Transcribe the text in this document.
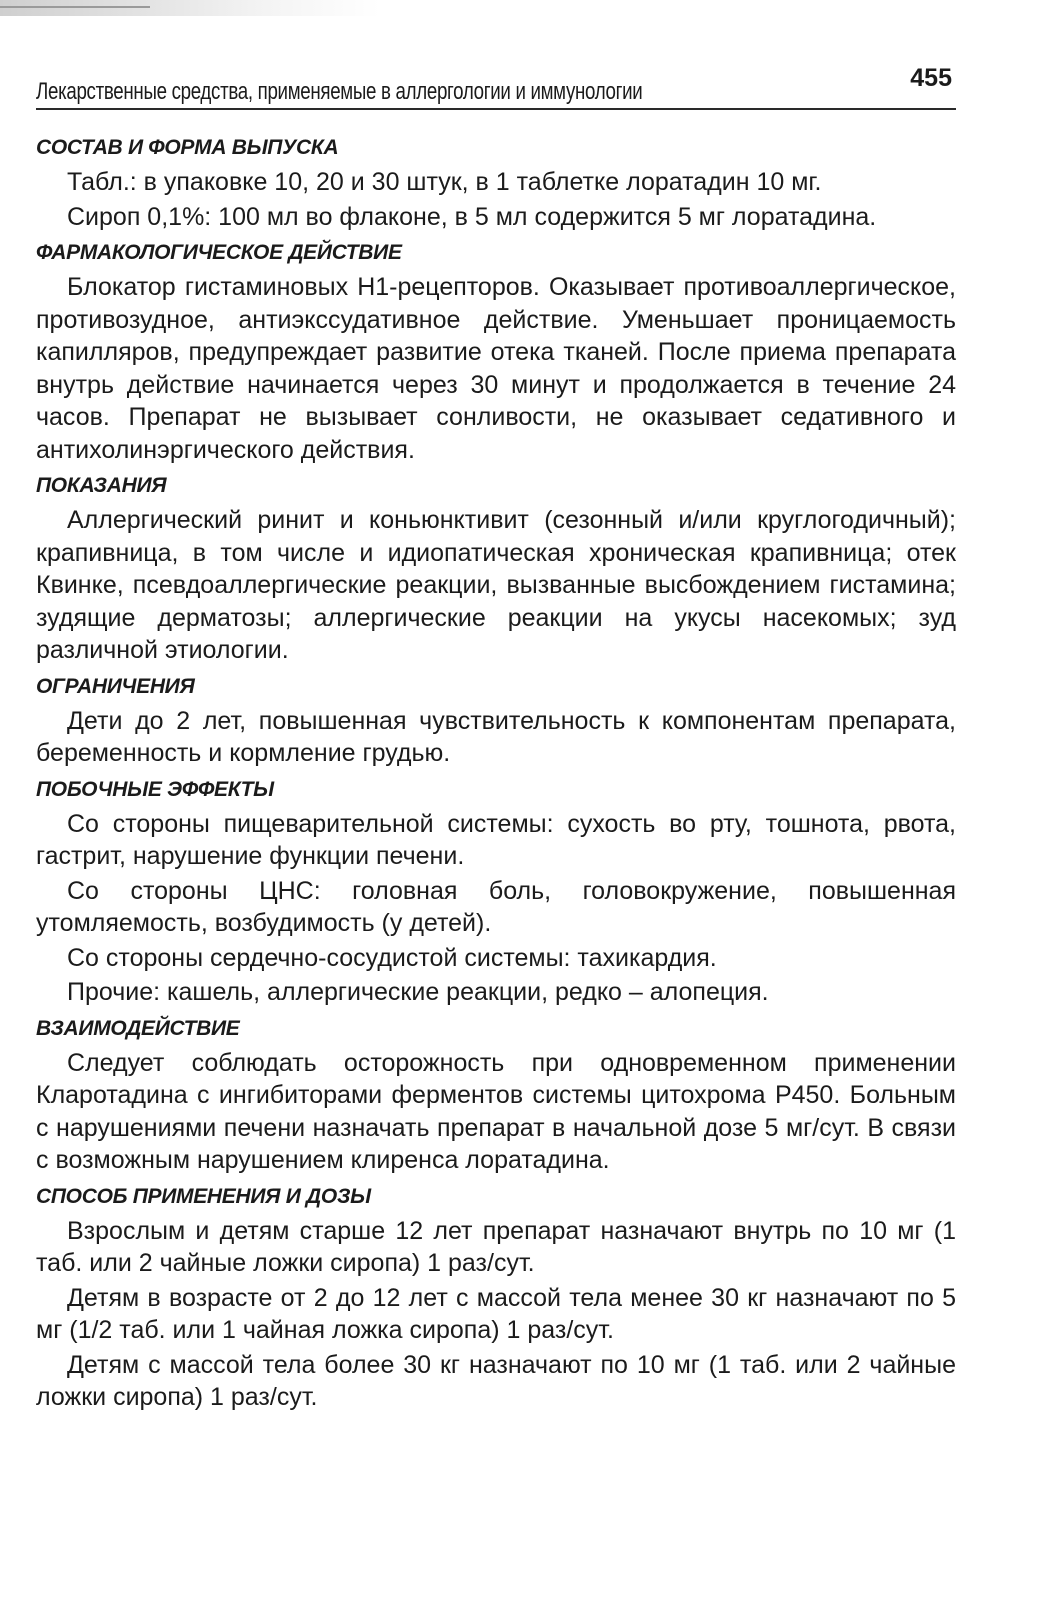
Лекарственные средства, применяемые в аллергологии и иммунологии	455
СОСТАВ И ФОРМА ВЫПУСКА

Табл.: в упаковке 10, 20 и 30 штук, в 1 таблетке лоратадин 10 мг.

Сироп 0,1%: 100 мл во флаконе, в 5 мл содержится 5 мг лоратадина.

ФАРМАКОЛОГИЧЕСКОЕ ДЕЙСТВИЕ

Блокатор гистаминовых Н1-рецепторов. Оказывает противоаллергическое, противозудное, антиэкссудативное действие. Уменьшает проницаемость капилляров, предупреждает развитие отека тканей. После приема препарата внутрь действие начинается через 30 минут и продолжается в течение 24 часов. Препарат не вызывает сонливости, не оказывает седативного и антихолинэргического действия.

ПОКАЗАНИЯ

Аллергический ринит и коньюнктивит (сезонный и/или круглогодичный); крапивница, в том числе и идиопатическая хроническая крапивница; отек Квинке, псевдоаллергические реакции, вызванные высбождением гистамина; зудящие дерматозы; аллергические реакции на укусы насекомых; зуд различной этиологии.

ОГРАНИЧЕНИЯ

Дети до 2 лет, повышенная чувствительность к компонентам препарата, беременность и кормление грудью.

ПОБОЧНЫЕ ЭФФЕКТЫ

Со стороны пищеварительной системы: сухость во рту, тошнота, рвота, гастрит, нарушение функции печени.

Со стороны ЦНС: головная боль, головокружение, повышенная утомляемость, возбудимость (у детей).

Со стороны сердечно-сосудистой системы: тахикардия.

Прочие: кашель, аллергические реакции, редко – алопеция.

ВЗАИМОДЕЙСТВИЕ

Следует соблюдать осторожность при одновременном применении Кларотадина с ингибиторами ферментов системы цитохрома Р450. Больным с нарушениями печени назначать препарат в начальной дозе 5 мг/сут. В связи с возможным нарушением клиренса лоратадина.

СПОСОБ ПРИМЕНЕНИЯ И ДОЗЫ

Взрослым и детям старше 12 лет препарат назначают внутрь по 10 мг (1 таб. или 2 чайные ложки сиропа) 1 раз/сут.

Детям в возрасте от 2 до 12 лет с массой тела менее 30 кг назначают по 5 мг (1/2 таб. или 1 чайная ложка сиропа) 1 раз/сут.

Детям с массой тела более 30 кг назначают по 10 мг (1 таб. или 2 чайные ложки сиропа) 1 раз/сут.
